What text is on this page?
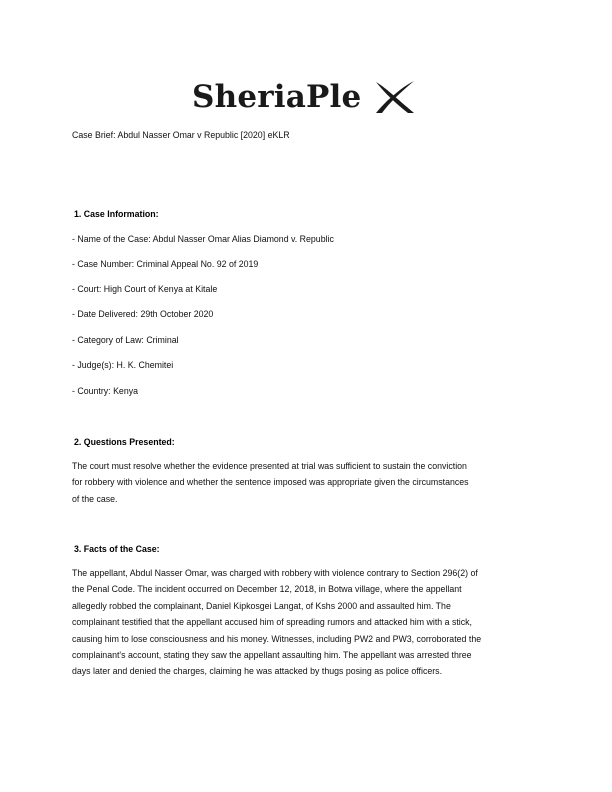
SheriaPle
Case Brief: Abdul Nasser Omar v Republic [2020] eKLR
1. Case Information:
- Name of the Case: Abdul Nasser Omar Alias Diamond v. Republic
- Case Number: Criminal Appeal No. 92 of 2019
- Court: High Court of Kenya at Kitale
- Date Delivered: 29th October 2020
- Category of Law: Criminal
- Judge(s): H. K. Chemitei
- Country: Kenya
2. Questions Presented:
The court must resolve whether the evidence presented at trial was sufficient to sustain the conviction
for robbery with violence and whether the sentence imposed was appropriate given the circumstances
of the case.
3. Facts of the Case:
The appellant, Abdul Nasser Omar, was charged with robbery with violence contrary to Section 296(2) of
the Penal Code. The incident occurred on December 12, 2018, in Botwa village, where the appellant
allegedly robbed the complainant, Daniel Kipkosgei Langat, of Kshs 2000 and assaulted him. The
complainant testified that the appellant accused him of spreading rumors and attacked him with a stick,
causing him to lose consciousness and his money. Witnesses, including PW2 and PW3, corroborated the
complainant's account, stating they saw the appellant assaulting him. The appellant was arrested three
days later and denied the charges, claiming he was attacked by thugs posing as police officers.
